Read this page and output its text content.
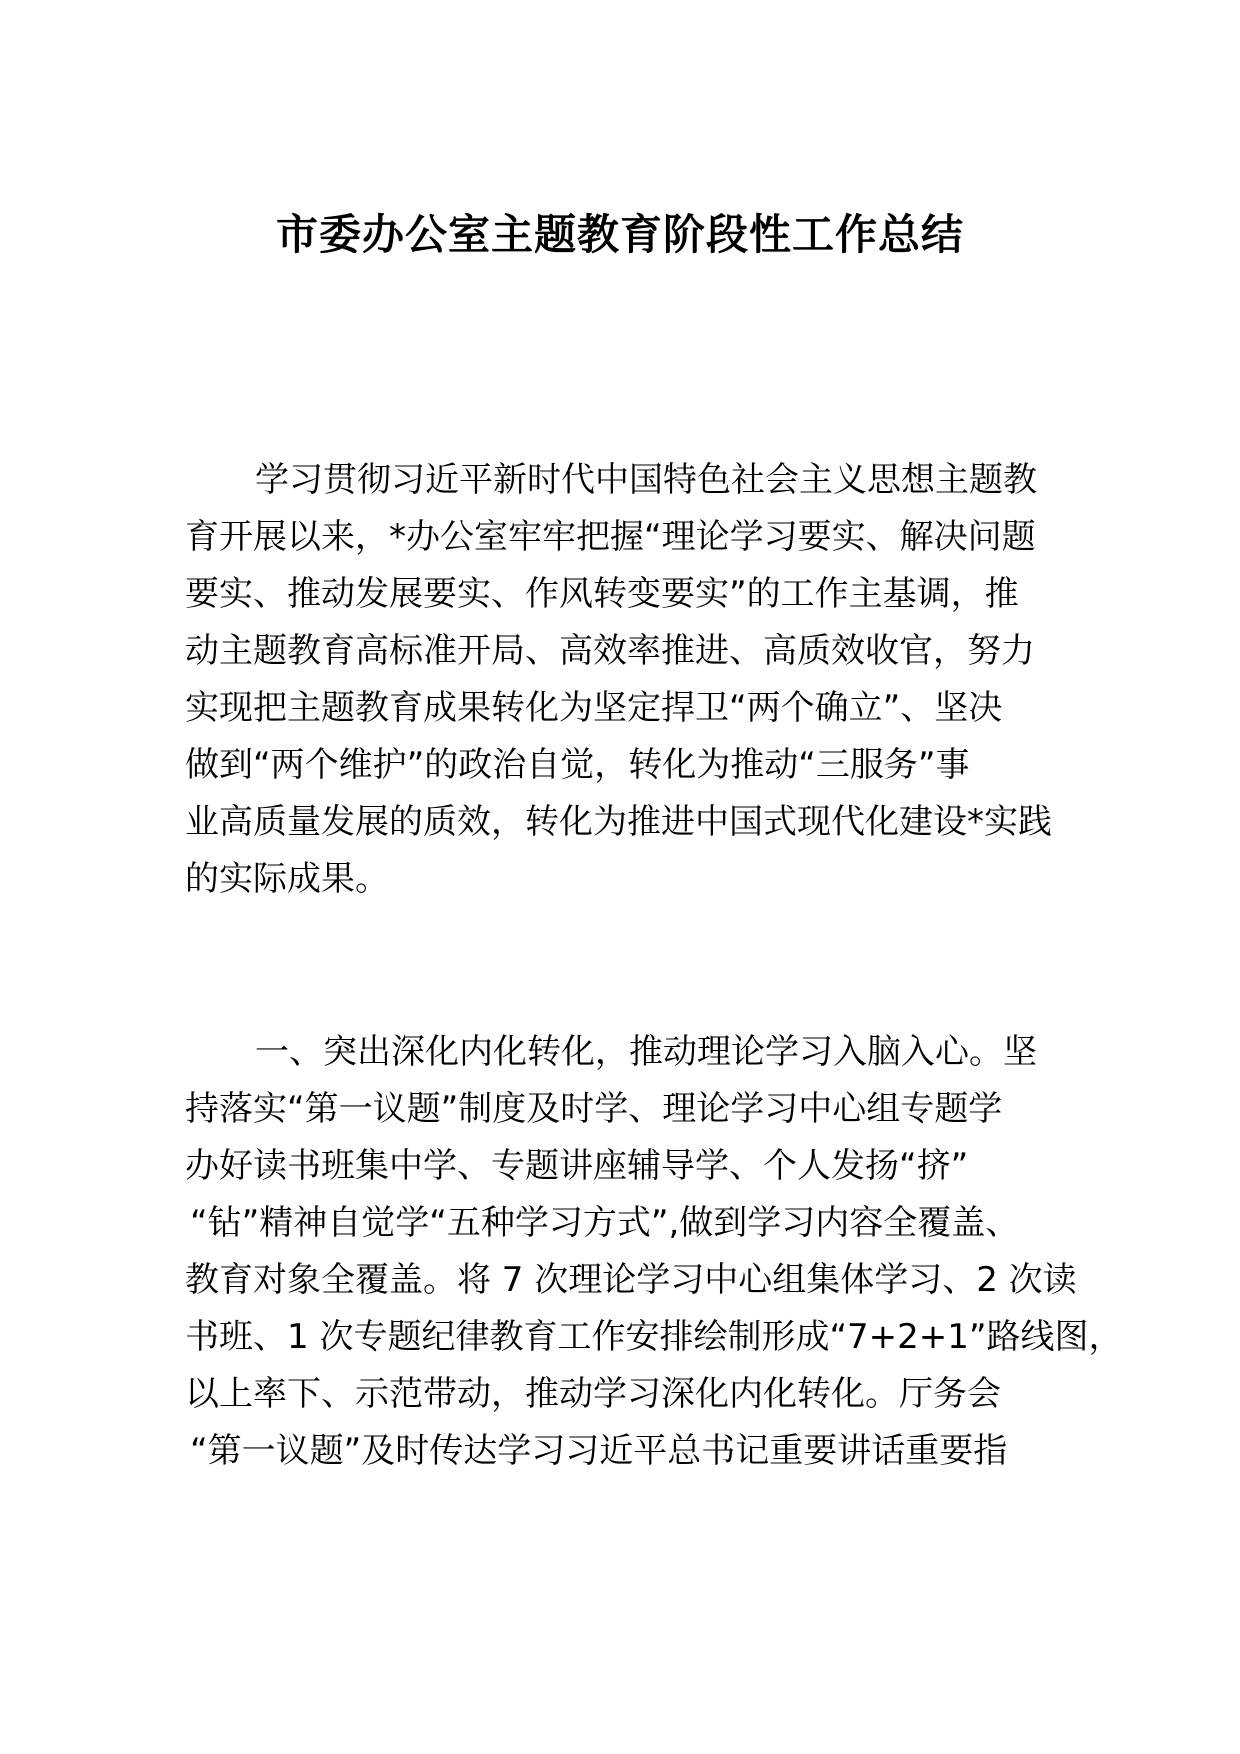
市委办公室主题教育阶段性工作总结
学习贯彻习近平新时代中国特色社会主义思想主题教
育开展以来，*办公室牢牢把握“理论学习要实、解决问题
要实、推动发展要实、作风转变要实”的工作主基调，推
动主题教育高标准开局、高效率推进、高质效收官，努力
实现把主题教育成果转化为坚定捍卫“两个确立”、坚决
做到“两个维护”的政治自觉，转化为推动“三服务”事
业高质量发展的质效，转化为推进中国式现代化建设*实践
的实际成果。
一、突出深化内化转化，推动理论学习入脑入心。坚
持落实“第一议题”制度及时学、理论学习中心组专题学
办好读书班集中学、专题讲座辅导学、个人发扬“挤”
“钻”精神自觉学“五种学习方式”,做到学习内容全覆盖、
教育对象全覆盖。将 7 次理论学习中心组集体学习、2 次读
书班、1 次专题纪律教育工作安排绘制形成“7+2+1”路线图，
以上率下、示范带动，推动学习深化内化转化。厅务会
“第一议题”及时传达学习习近平总书记重要讲话重要指
